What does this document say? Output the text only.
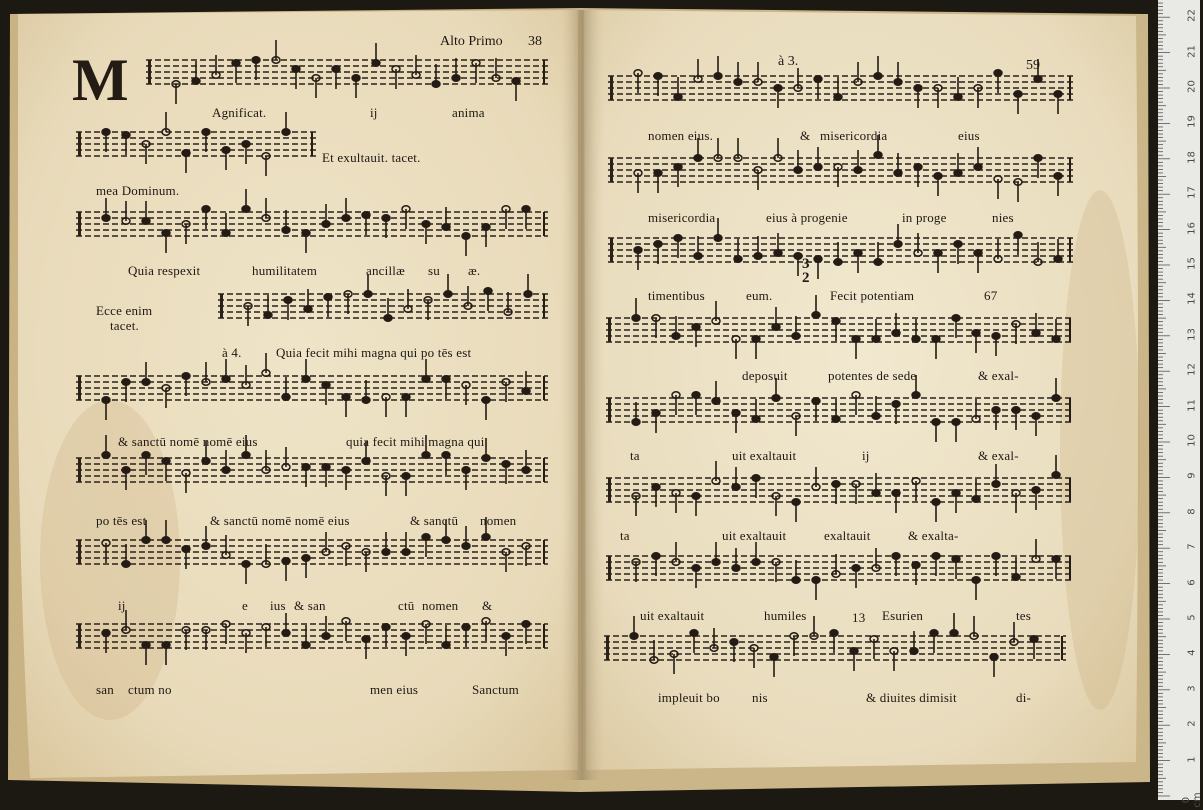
M
Alto Primo 38
Agnificat.	ij	anima
Et exultauit. tacet.
mea Dominum.
Quia respexit	humilitatem	ancillæ su æ.
Ecce enim
tacet.
à 4.	Quia fecit mihi magna qui po tēs est
& sanctū nomē nomē eius	quia fecit mihi magna qui
po tēs est	& sanctū nomē nomē eius	& sanctū nomen
ij	e ius & san	ctū nomen &
san ctum no	men eius	Sanctum
à 3.	59
nomen eius.	& misericordia	eius
misericordia	eius à progenie	in proge	nies
timentibus	eum.	Fecit potentiam	67
deposuit	potentes de sede	& exal-
ta	uit exaltauit	ij	& exal-
ta	uit exaltauit	exaltauit	& exalta-
uit exaltauit	humiles	13 Esurien	tes
impleuit bo nis	& diuites dimisit	di-
3
2
0 cm
1
2
3
4
5
6
7
8
9
10
11
12
13
14
15
16
17
18
19
20
21
22
